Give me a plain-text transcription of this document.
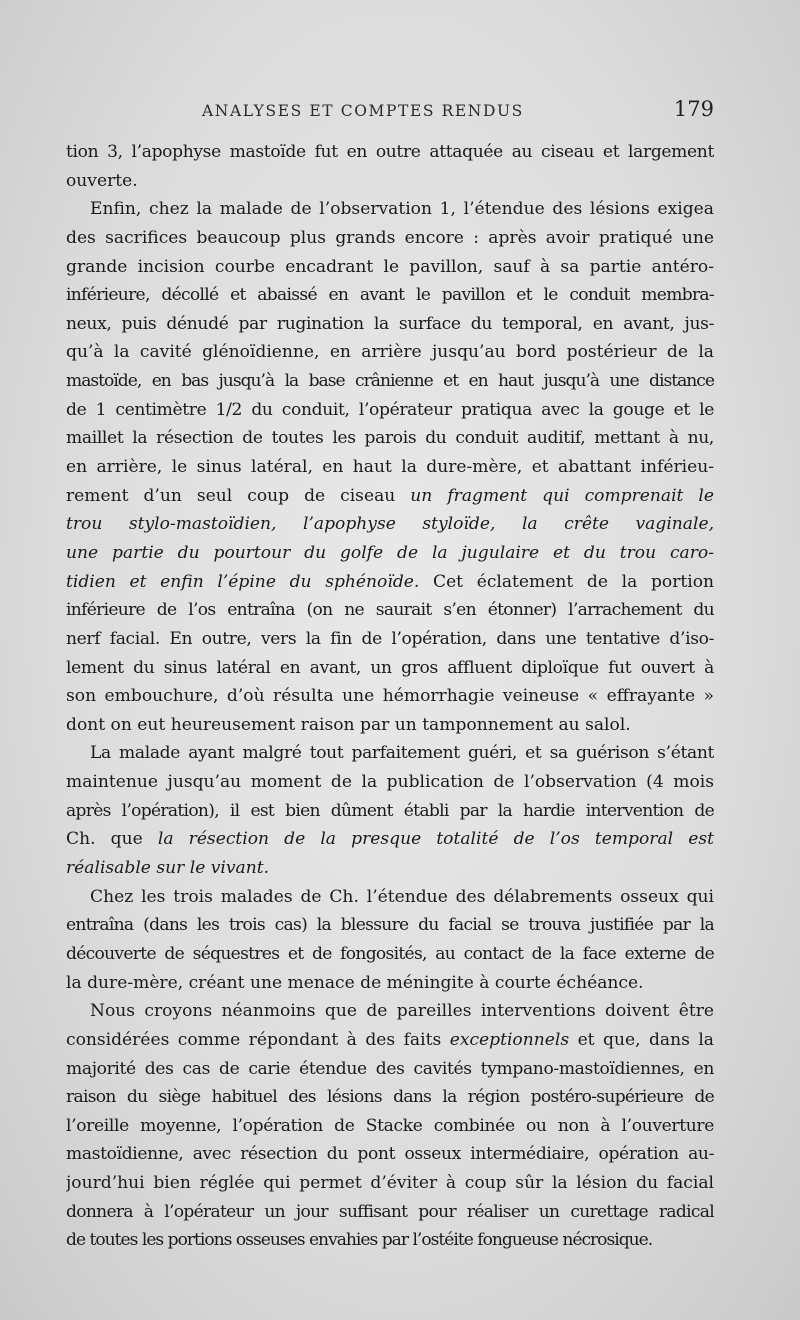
ANALYSES ET COMPTES RENDUS	179
tion 3, l’apophyse mastoïde fut en outre attaquée au ciseau et largement
ouverte.
Enfin, chez la malade de l’observation 1, l’étendue des lésions exigea
des sacrifices beaucoup plus grands encore : après avoir pratiqué une
grande incision courbe encadrant le pavillon, sauf à sa partie antéro-
inférieure, décollé et abaissé en avant le pavillon et le conduit membra-
neux, puis dénudé par rugination la surface du temporal, en avant, jus-
qu’à la cavité glénoïdienne, en arrière jusqu’au bord postérieur de la
mastoïde, en bas jusqu’à la base crânienne et en haut jusqu’à une distance
de 1 centimètre 1/2 du conduit, l’opérateur pratiqua avec la gouge et le
maillet la résection de toutes les parois du conduit auditif, mettant à nu,
en arrière, le sinus latéral, en haut la dure-mère, et abattant inférieu-
rement d’un seul coup de ciseau un fragment qui comprenait le
trou stylo-mastoïdien, l’apophyse styloïde, la crête vaginale,
une partie du pourtour du golfe de la jugulaire et du trou caro-
tidien et enfin l’épine du sphénoïde. Cet éclatement de la portion
inférieure de l’os entraîna (on ne saurait s’en étonner) l’arrachement du
nerf facial. En outre, vers la fin de l’opération, dans une tentative d’iso-
lement du sinus latéral en avant, un gros affluent diploïque fut ouvert à
son embouchure, d’où résulta une hémorrhagie veineuse « effrayante »
dont on eut heureusement raison par un tamponnement au salol.
La malade ayant malgré tout parfaitement guéri, et sa guérison s’étant
maintenue jusqu’au moment de la publication de l’observation (4 mois
après l’opération), il est bien dûment établi par la hardie intervention de
Ch. que la résection de la presque totalité de l’os temporal est
réalisable sur le vivant.
Chez les trois malades de Ch. l’étendue des délabrements osseux qui
entraîna (dans les trois cas) la blessure du facial se trouva justifiée par la
découverte de séquestres et de fongosités, au contact de la face externe de
la dure-mère, créant une menace de méningite à courte échéance.
Nous croyons néanmoins que de pareilles interventions doivent être
considérées comme répondant à des faits exceptionnels et que, dans la
majorité des cas de carie étendue des cavités tympano-mastoïdiennes, en
raison du siège habituel des lésions dans la région postéro-supérieure de
l’oreille moyenne, l’opération de Stacke combinée ou non à l’ouverture
mastoïdienne, avec résection du pont osseux intermédiaire, opération au-
jourd’hui bien réglée qui permet d’éviter à coup sûr la lésion du facial
donnera à l’opérateur un jour suffisant pour réaliser un curettage radical
de toutes les portions osseuses envahies par l’ostéite fongueuse nécrosique.
